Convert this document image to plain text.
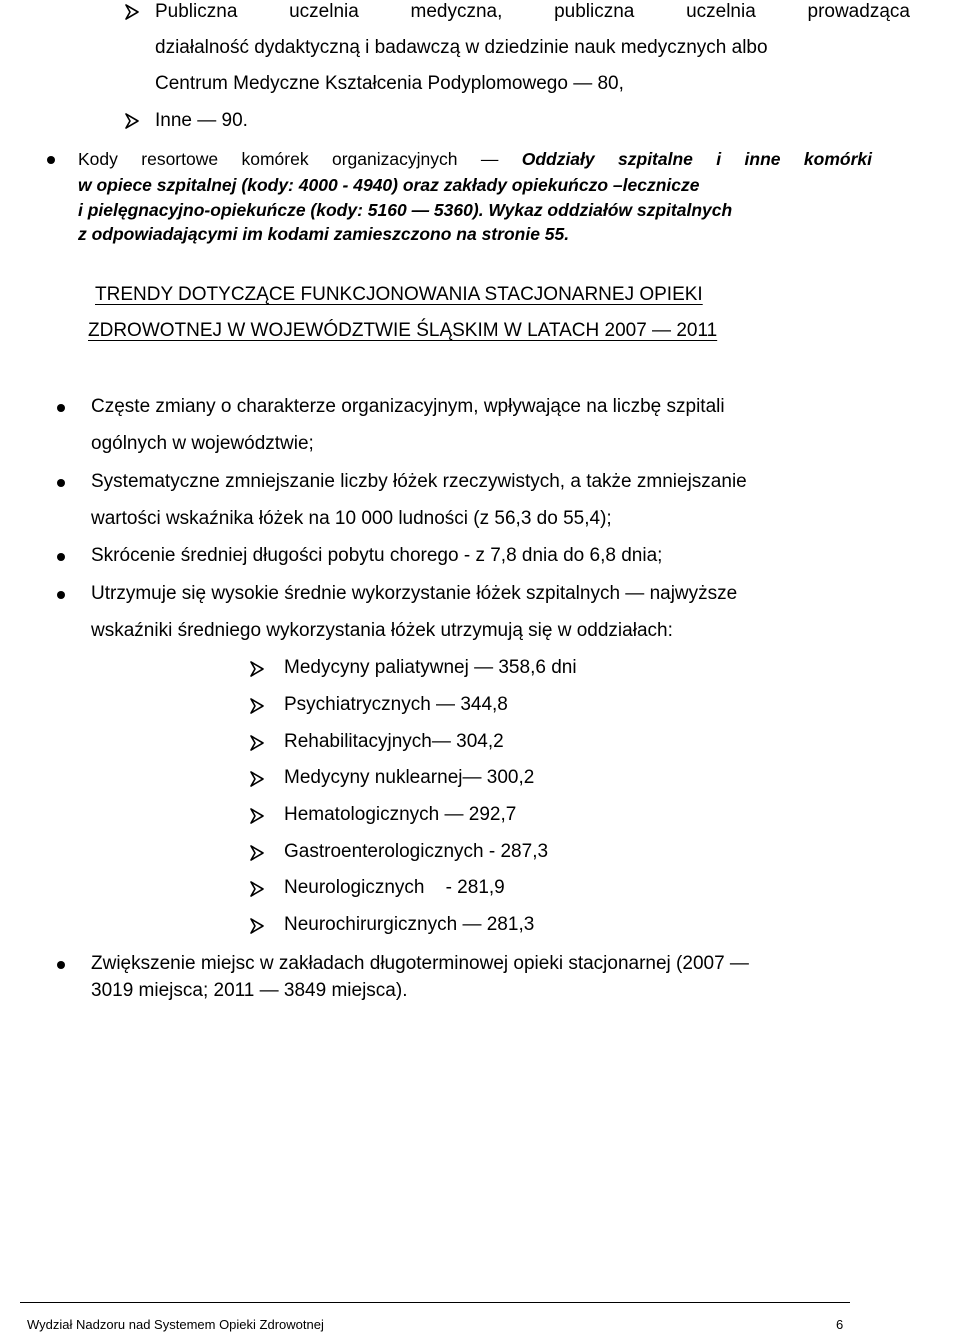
Publiczna	uczelnia	medyczna,	publiczna	uczelnia	prowadząca
działalność dydaktyczną i badawczą w dziedzinie nauk medycznych albo
Centrum Medyczne Kształcenia Podyplomowego — 80,
Inne — 90.
Kody resortowe komórek organizacyjnych — Oddziały szpitalne i inne komórki
w opiece szpitalnej (kody: 4000 - 4940) oraz zakłady opiekuńczo –lecznicze
i pielęgnacyjno-opiekuńcze (kody: 5160 — 5360). Wykaz oddziałów szpitalnych
z odpowiadającymi im kodami zamieszczono na stronie 55.
TRENDY DOTYCZĄCE FUNKCJONOWANIA STACJONARNEJ OPIEKI
ZDROWOTNEJ W WOJEWÓDZTWIE ŚLĄSKIM W LATACH 2007 — 2011
Częste zmiany o charakterze organizacyjnym, wpływające na liczbę szpitali
ogólnych w województwie;
Systematyczne zmniejszanie liczby łóżek rzeczywistych, a także zmniejszanie
wartości wskaźnika łóżek na 10 000 ludności (z 56,3 do 55,4);
Skrócenie średniej długości pobytu chorego - z 7,8 dnia do 6,8 dnia;
Utrzymuje się wysokie średnie wykorzystanie łóżek szpitalnych — najwyższe
wskaźniki średniego wykorzystania łóżek utrzymują się w oddziałach:
Medycyny paliatywnej — 358,6 dni
Psychiatrycznych — 344,8
Rehabilitacyjnych— 304,2
Medycyny nuklearnej— 300,2
Hematologicznych — 292,7
Gastroenterologicznych - 287,3
Neurologicznych    - 281,9
Neurochirurgicznych — 281,3
Zwiększenie miejsc w zakładach długoterminowej opieki stacjonarnej (2007 —
3019 miejsca; 2011 — 3849 miejsca).
Wydział Nadzoru nad Systemem Opieki Zdrowotnej	6
